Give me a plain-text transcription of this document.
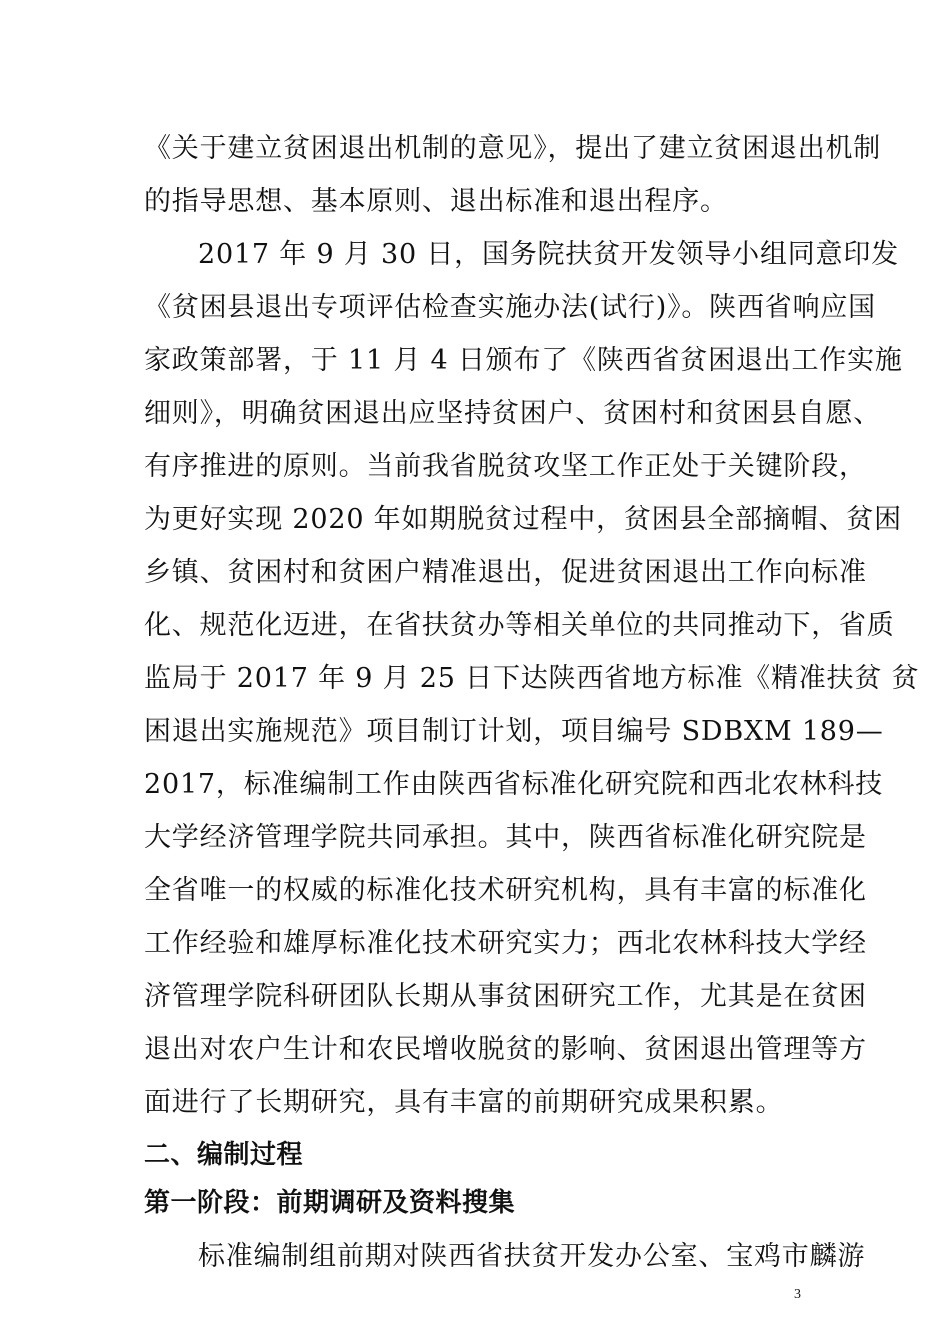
《关于建立贫困退出机制的意见》，提出了建立贫困退出机制
的指导思想、基本原则、退出标准和退出程序。
2017 年 9 月 30 日，国务院扶贫开发领导小组同意印发
《贫困县退出专项评估检查实施办法(试行)》。陕西省响应国
家政策部署，于 11 月 4 日颁布了《陕西省贫困退出工作实施
细则》，明确贫困退出应坚持贫困户、贫困村和贫困县自愿、
有序推进的原则。当前我省脱贫攻坚工作正处于关键阶段，
为更好实现 2020 年如期脱贫过程中，贫困县全部摘帽、贫困
乡镇、贫困村和贫困户精准退出，促进贫困退出工作向标准
化、规范化迈进，在省扶贫办等相关单位的共同推动下，省质
监局于 2017 年 9 月 25 日下达陕西省地方标准《精准扶贫 贫
困退出实施规范》项目制订计划，项目编号 SDBXM 189—
2017，标准编制工作由陕西省标准化研究院和西北农林科技
大学经济管理学院共同承担。其中，陕西省标准化研究院是
全省唯一的权威的标准化技术研究机构，具有丰富的标准化
工作经验和雄厚标准化技术研究实力；西北农林科技大学经
济管理学院科研团队长期从事贫困研究工作，尤其是在贫困
退出对农户生计和农民增收脱贫的影响、贫困退出管理等方
面进行了长期研究，具有丰富的前期研究成果积累。
二、编制过程
第一阶段：前期调研及资料搜集
标准编制组前期对陕西省扶贫开发办公室、宝鸡市麟游
3
